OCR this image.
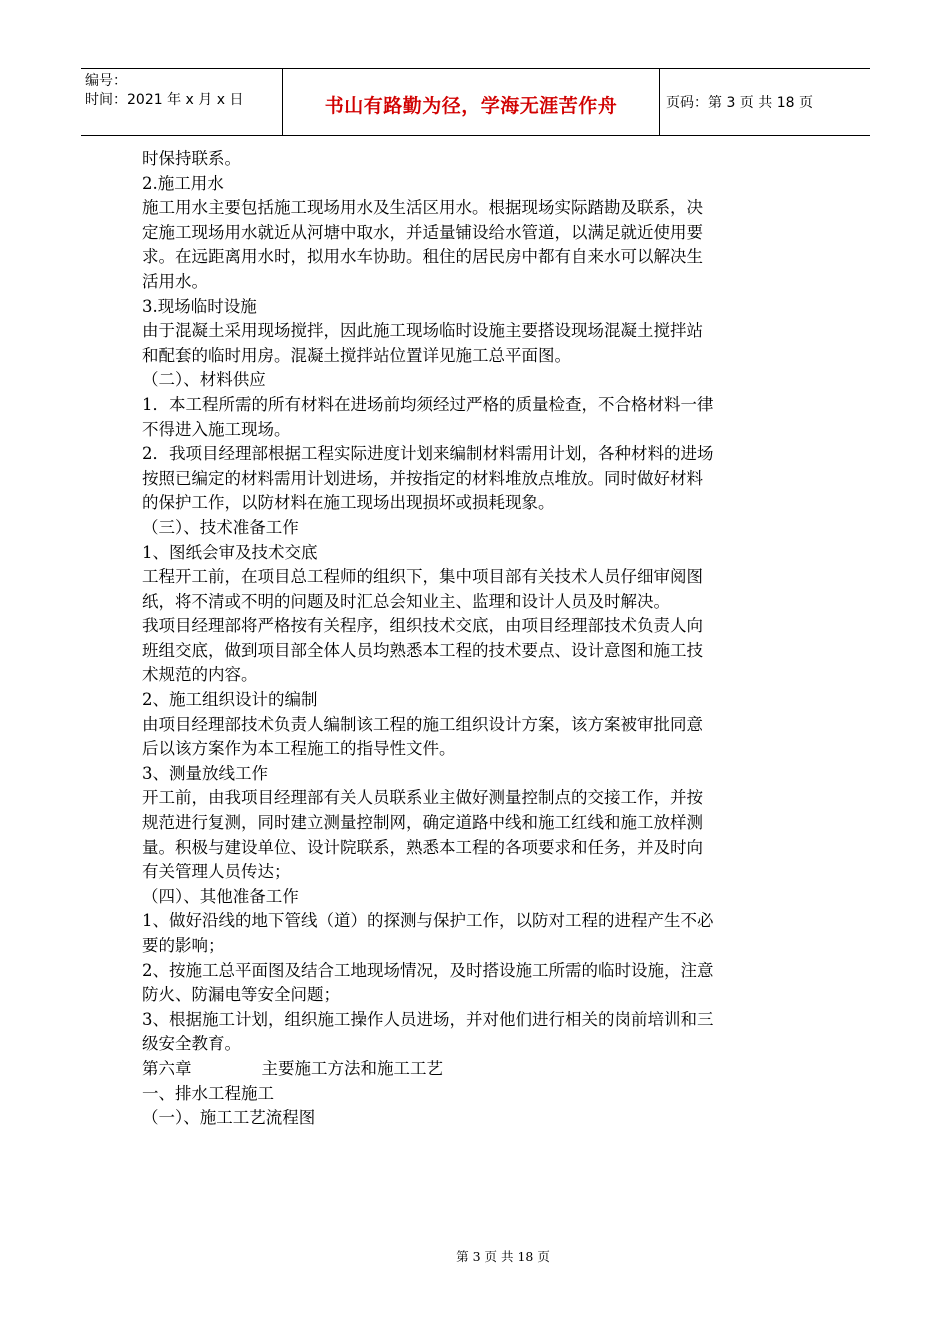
编号：
时间：2021 年 x 月 x 日	书山有路勤为径，学海无涯苦作舟	页码：第 3 页 共 18 页

时保持联系。

2.施工用水

施工用水主要包括施工现场用水及生活区用水。根据现场实际踏勘及联系，决

定施工现场用水就近从河塘中取水，并适量铺设给水管道，以满足就近使用要

求。在远距离用水时，拟用水车协助。租住的居民房中都有自来水可以解决生

活用水。

3.现场临时设施

由于混凝土采用现场搅拌，因此施工现场临时设施主要搭设现场混凝土搅拌站

和配套的临时用房。混凝土搅拌站位置详见施工总平面图。

（二）、材料供应

1．本工程所需的所有材料在进场前均须经过严格的质量检查，不合格材料一律

不得进入施工现场。

2．我项目经理部根据工程实际进度计划来编制材料需用计划，各种材料的进场

按照已编定的材料需用计划进场，并按指定的材料堆放点堆放。同时做好材料

的保护工作，以防材料在施工现场出现损坏或损耗现象。

（三）、技术准备工作

1、图纸会审及技术交底

工程开工前，在项目总工程师的组织下，集中项目部有关技术人员仔细审阅图

纸，将不清或不明的问题及时汇总会知业主、监理和设计人员及时解决。

我项目经理部将严格按有关程序，组织技术交底，由项目经理部技术负责人向

班组交底，做到项目部全体人员均熟悉本工程的技术要点、设计意图和施工技

术规范的内容。

2、施工组织设计的编制

由项目经理部技术负责人编制该工程的施工组织设计方案，该方案被审批同意

后以该方案作为本工程施工的指导性文件。

3、测量放线工作

开工前，由我项目经理部有关人员联系业主做好测量控制点的交接工作，并按

规范进行复测，同时建立测量控制网，确定道路中线和施工红线和施工放样测

量。积极与建设单位、设计院联系，熟悉本工程的各项要求和任务，并及时向

有关管理人员传达；

（四）、其他准备工作

1、做好沿线的地下管线（道）的探测与保护工作，以防对工程的进程产生不必

要的影响；

2、按施工总平面图及结合工地现场情况，及时搭设施工所需的临时设施，注意

防火、防漏电等安全问题；

3、根据施工计划，组织施工操作人员进场，并对他们进行相关的岗前培训和三

级安全教育。

第六章	主要施工方法和施工工艺

一、排水工程施工

（一）、施工工艺流程图

第 3 页 共 18 页
